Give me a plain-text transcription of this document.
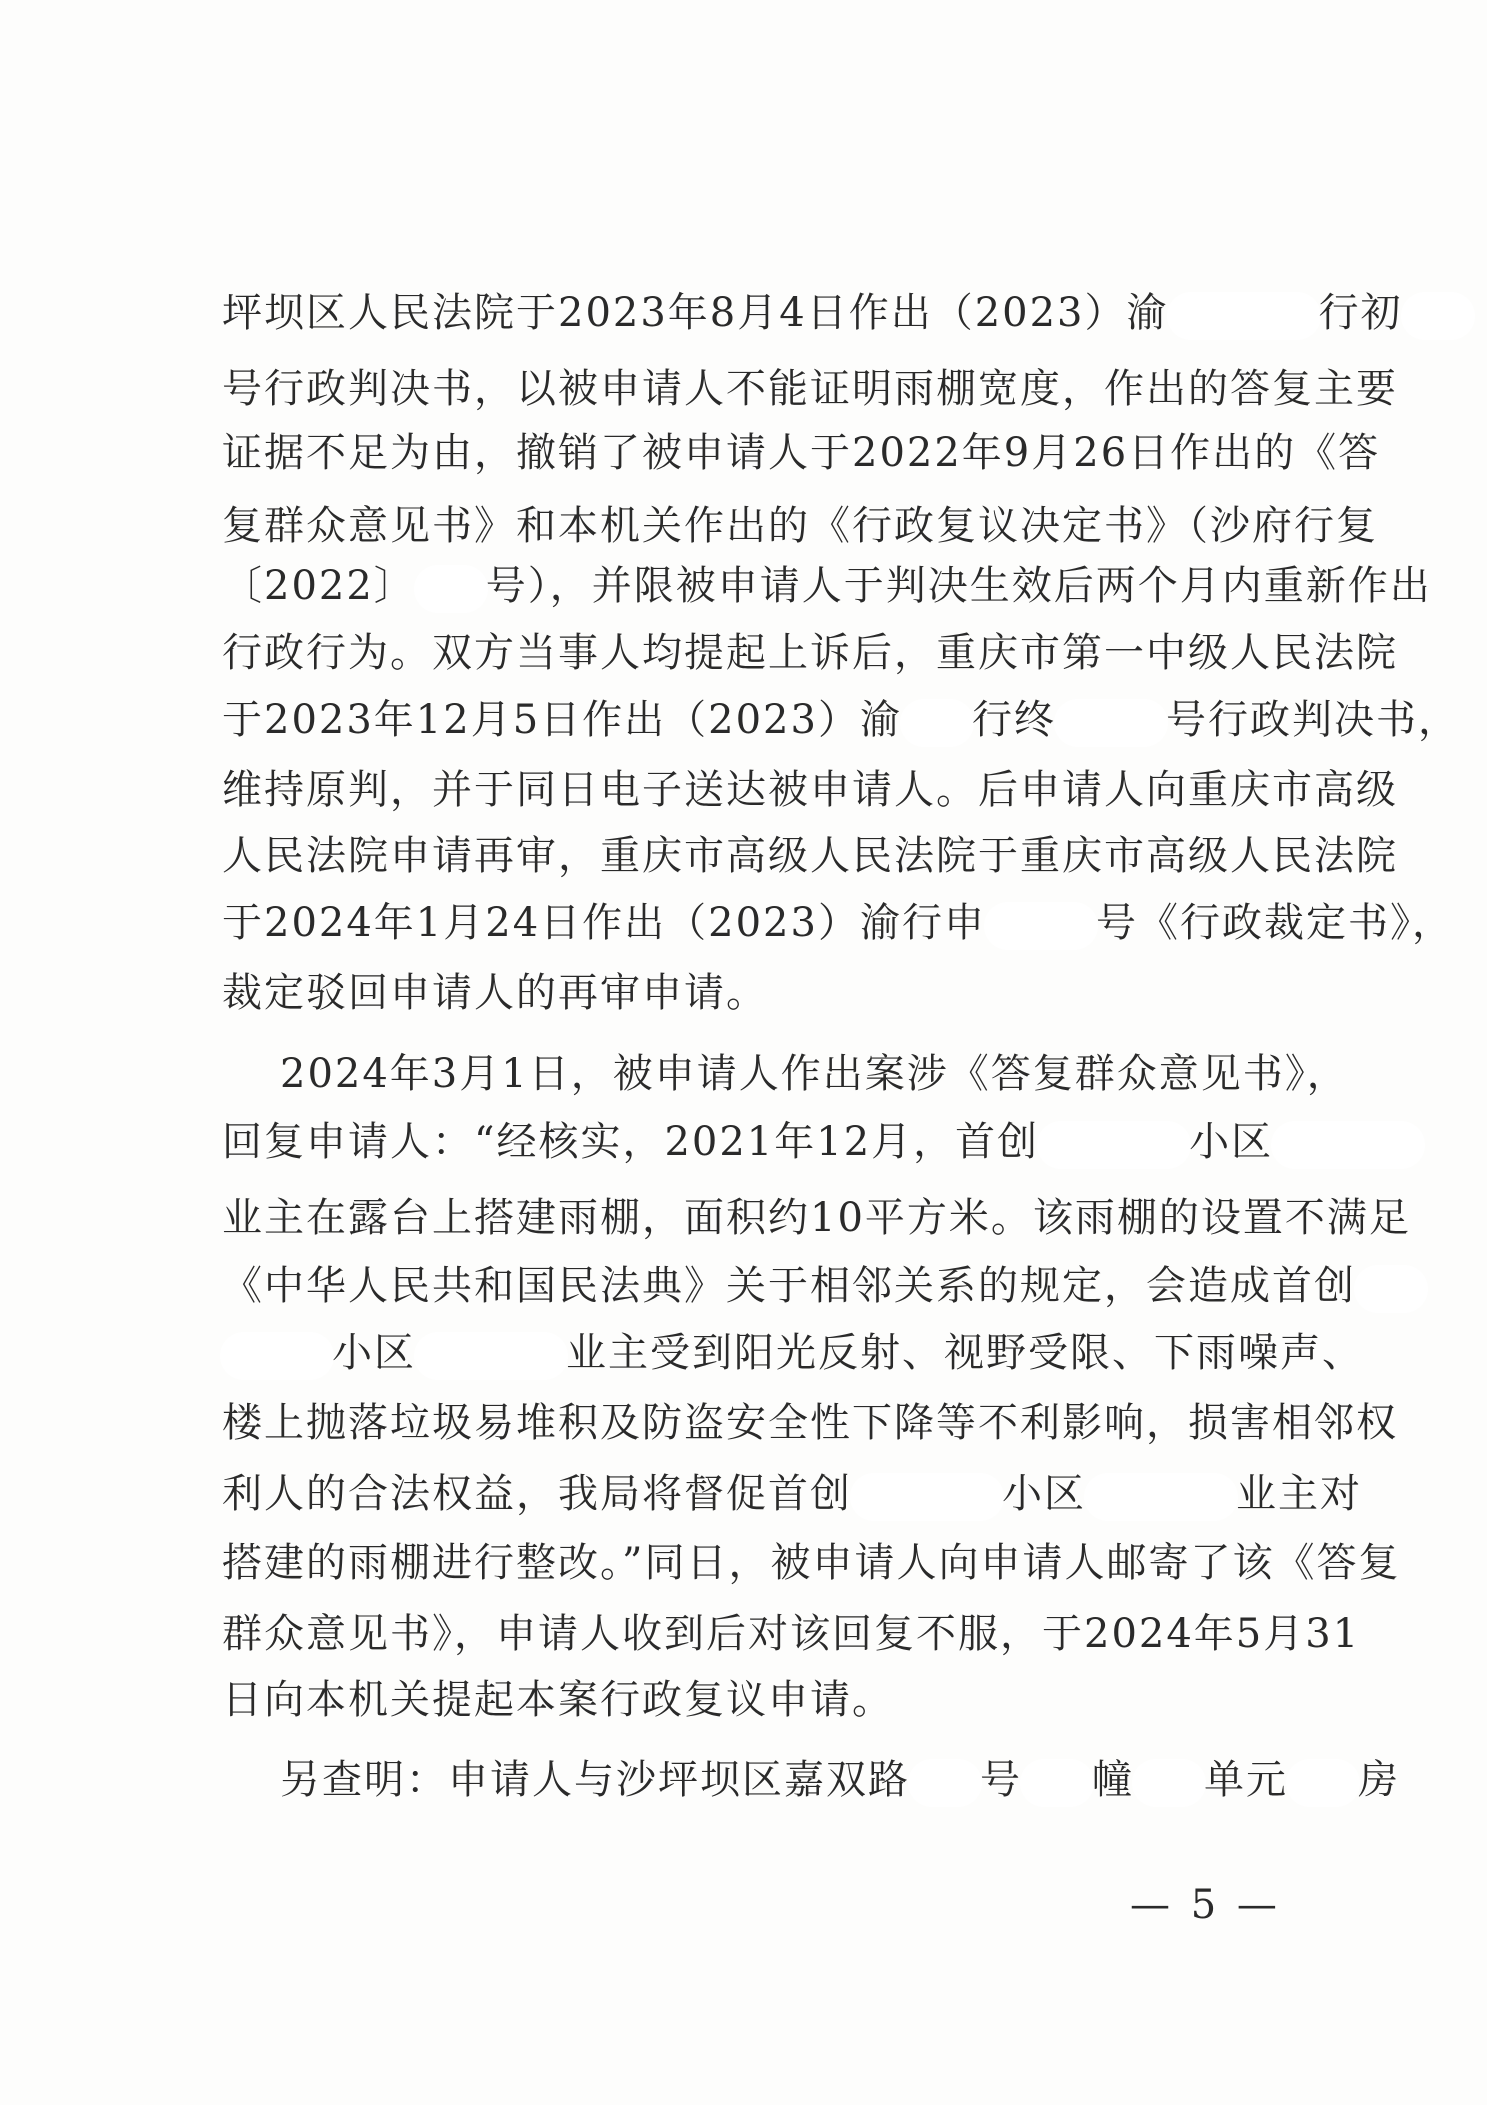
坪坝区人民法院于2023年8月4日作出（2023）渝	行初
号行政判决书，以被申请人不能证明雨棚宽度，作出的答复主要
证据不足为由，撤销了被申请人于2022年9月26日作出的《答
复群众意见书》和本机关作出的《行政复议决定书》（沙府行复
〔2022〕 号），并限被申请人于判决生效后两个月内重新作出
行政行为。双方当事人均提起上诉后，重庆市第一中级人民法院
于2023年12月5日作出（2023）渝 行终	号行政判决书，
维持原判，并于同日电子送达被申请人。后申请人向重庆市高级
人民法院申请再审，重庆市高级人民法院于重庆市高级人民法院
于2024年1月24日作出（2023）渝行申	号《行政裁定书》，
裁定驳回申请人的再审申请。
2024年3月1日，被申请人作出案涉《答复群众意见书》，
回复申请人：“经核实，2021年12月，首创	小区
业主在露台上搭建雨棚，面积约10平方米。该雨棚的设置不满足
《中华人民共和国民法典》关于相邻关系的规定，会造成首创
小区	业主受到阳光反射、视野受限、下雨噪声、
楼上抛落垃圾易堆积及防盗安全性下降等不利影响，损害相邻权
利人的合法权益，我局将督促首创	小区	业主对
搭建的雨棚进行整改。”同日，被申请人向申请人邮寄了该《答复
群众意见书》，申请人收到后对该回复不服，于2024年5月31
日向本机关提起本案行政复议申请。
另查明：申请人与沙坪坝区嘉双路 号 幢 单元 房
— 5 —
